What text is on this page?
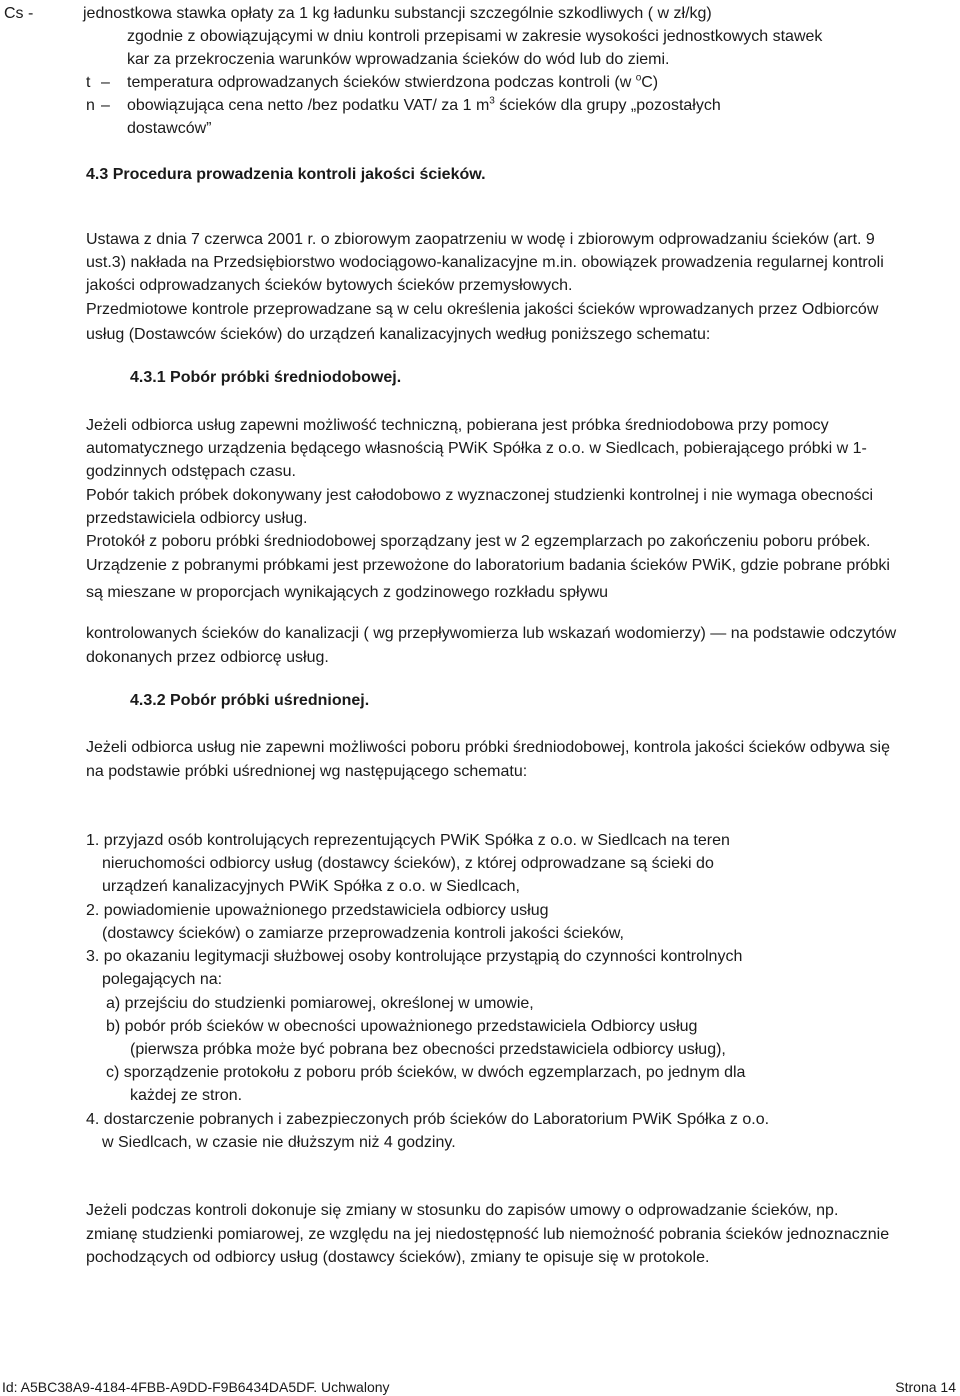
Cs -	jednostkowa stawka opłaty za 1 kg ładunku substancji szczególnie szkodliwych ( w zł/kg)
zgodnie z obowiązującymi w dniu kontroli przepisami w zakresie wysokości jednostkowych stawek
kar za przekroczenia warunków wprowadzania ścieków do wód lub do ziemi.
t – temperatura odprowadzanych ścieków stwierdzona podczas kontroli (w $^o$C)
n – obowiązująca cena netto /bez podatku VAT/ za 1 $m^3$ ścieków dla grupy „pozostałych
dostawców”
4.3 Procedura prowadzenia kontroli jakości ścieków.
Ustawa z dnia 7 czerwca 2001 r. o zbiorowym zaopatrzeniu w wodę i zbiorowym odprowadzaniu ścieków (art. 9
ust.3) nakłada na Przedsiębiorstwo wodociągowo-kanalizacyjne m.in. obowiązek prowadzenia regularnej kontroli
jakości odprowadzanych ścieków bytowych ścieków przemysłowych.
Przedmiotowe kontrole przeprowadzane są w celu określenia jakości ścieków wprowadzanych przez Odbiorców
usług (Dostawców ścieków) do urządzeń kanalizacyjnych według poniższego schematu:
4.3.1 Pobór próbki średniodobowej.
Jeżeli odbiorca usług zapewni możliwość techniczną, pobierana jest próbka średniodobowa przy pomocy
automatycznego urządzenia będącego własnością PWiK Spółka z o.o. w Siedlcach, pobierającego próbki w 1-
godzinnych odstępach czasu.
Pobór takich próbek dokonywany jest całodobowo z wyznaczonej studzienki kontrolnej i nie wymaga obecności
przedstawiciela odbiorcy usług.
Protokół z poboru próbki średniodobowej sporządzany jest w 2 egzemplarzach po zakończeniu poboru próbek.
Urządzenie z pobranymi próbkami jest przewożone do laboratorium badania ścieków PWiK, gdzie pobrane próbki
są mieszane w proporcjach wynikających z godzinowego rozkładu spływu
kontrolowanych ścieków do kanalizacji ( wg przepływomierza lub wskazań wodomierzy) — na podstawie odczytów
dokonanych przez odbiorcę usług.
4.3.2 Pobór próbki uśrednionej.
Jeżeli odbiorca usług nie zapewni możliwości poboru próbki średniodobowej, kontrola jakości ścieków odbywa się
na podstawie próbki uśrednionej wg następującego schematu:
1. przyjazd osób kontrolujących reprezentujących PWiK Spółka z o.o. w Siedlcach na teren
nieruchomości odbiorcy usług (dostawcy ścieków), z której odprowadzane są ścieki do
urządzeń kanalizacyjnych PWiK Spółka z o.o. w Siedlcach,
2. powiadomienie upoważnionego przedstawiciela odbiorcy usług
(dostawcy ścieków) o zamiarze przeprowadzenia kontroli jakości ścieków,
3. po okazaniu legitymacji służbowej osoby kontrolujące przystąpią do czynności kontrolnych
polegających na:
a) przejściu do studzienki pomiarowej, określonej w umowie,
b) pobór prób ścieków w obecności upoważnionego przedstawiciela Odbiorcy usług
(pierwsza próbka może być pobrana bez obecności przedstawiciela odbiorcy usług),
c) sporządzenie protokołu z poboru prób ścieków, w dwóch egzemplarzach, po jednym dla
każdej ze stron.
4. dostarczenie pobranych i zabezpieczonych prób ścieków do Laboratorium PWiK Spółka z o.o.
w Siedlcach, w czasie nie dłuższym niż 4 godziny.
Jeżeli podczas kontroli dokonuje się zmiany w stosunku do zapisów umowy o odprowadzanie ścieków, np.
zmianę studzienki pomiarowej, ze względu na jej niedostępność lub niemożność pobrania ścieków jednoznacznie
pochodzących od odbiorcy usług (dostawcy ścieków), zmiany te opisuje się w protokole.
Id: A5BC38A9-4184-4FBB-A9DD-F9B6434DA5DF. Uchwalony	Strona 14
